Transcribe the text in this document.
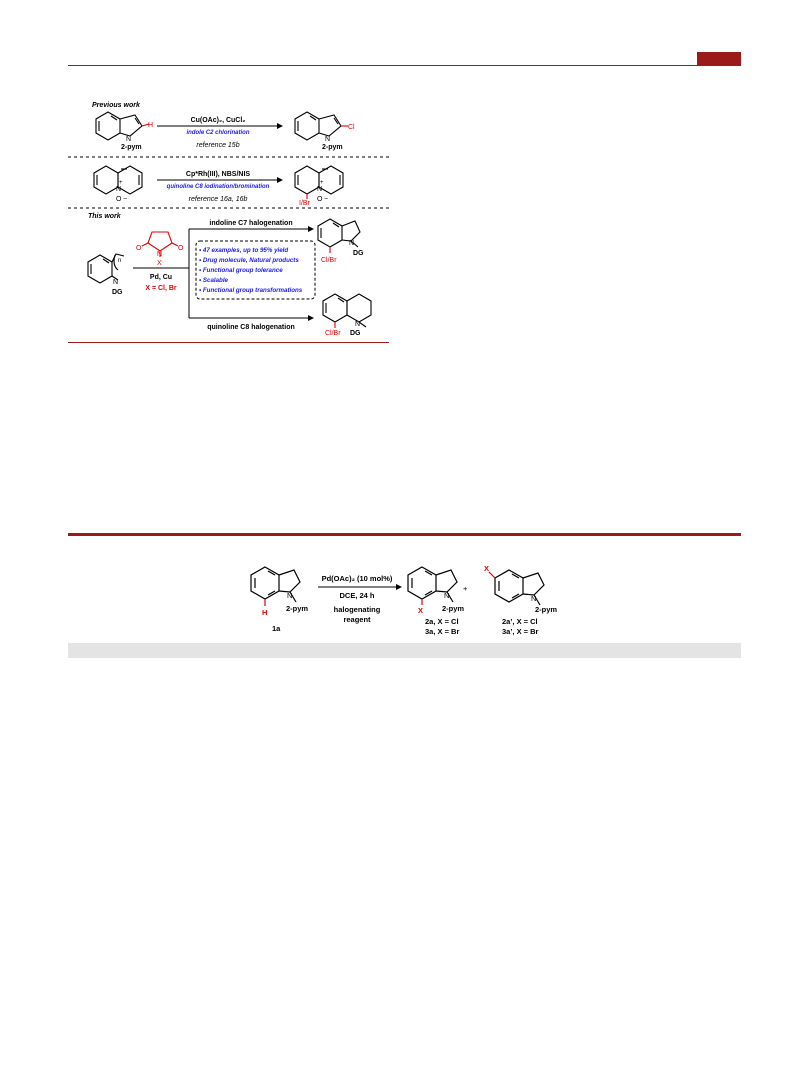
Previous work
N
H
2-pym
Cu(OAc)₂, CuCl₂
indole C2 chlorination
reference 15b
N
Cl
2-pym
N
+
O −
Cp*Rh(III), NBS/NIS
quinoline C8 iodination/bromination
reference 16a, 16b
I/Br
N
+
O −
This work
n
N
DG
O	O
N
X
Pd, Cu
X = Cl, Br
indoline C7 halogenation
quinoline C8 halogenation
• 47 examples, up to 95% yield
• Drug molecule, Natural products
• Functional group tolerance
• Scalable
• Functional group transformations
N
DG
Cl/Br
N
DG
Cl/Br
N
H 2-pym
1a
Pd(OAc)₂ (10 mol%)
DCE, 24 h
halogenating
reagent
N
X	2-pym
+
2a, X = Cl
3a, X = Br
X
N
2-pym
2a’, X = Cl
3a’, X = Br
